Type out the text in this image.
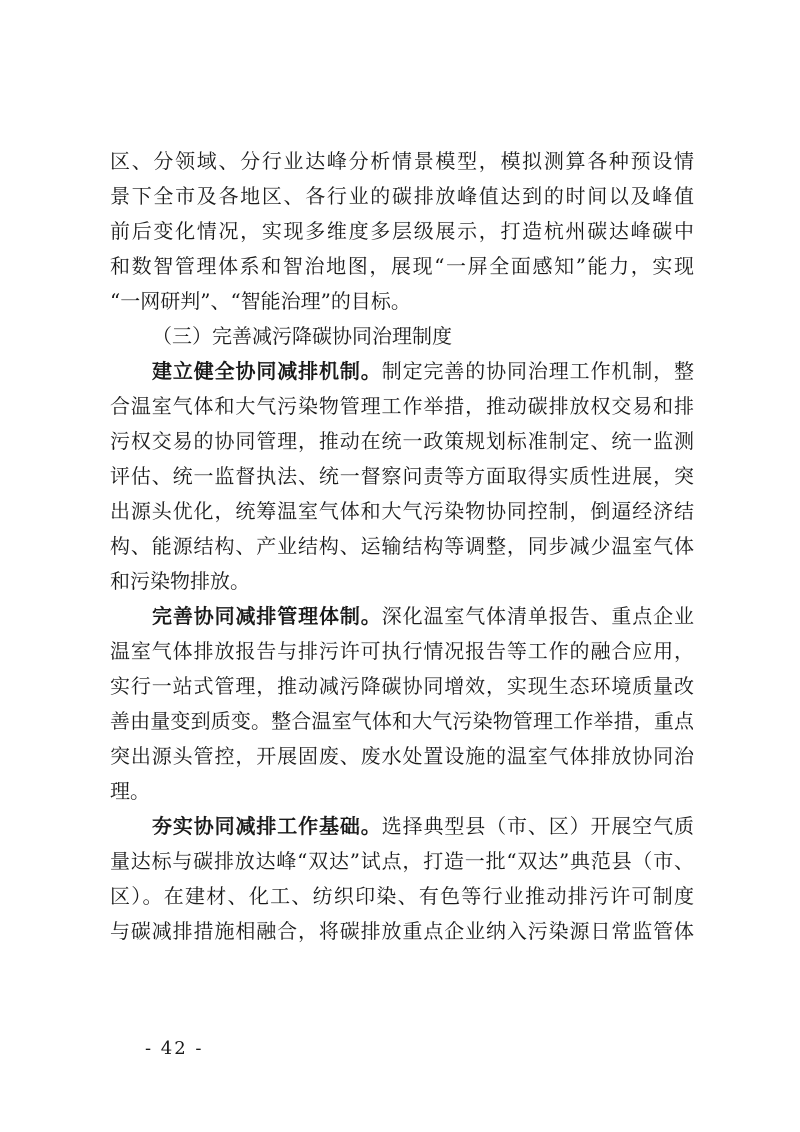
区、分领域、分行业达峰分析情景模型，模拟测算各种预设情
景下全市及各地区、各行业的碳排放峰值达到的时间以及峰值
前后变化情况，实现多维度多层级展示，打造杭州碳达峰碳中
和数智管理体系和智治地图，展现“一屏全面感知”能力，实现
“一网研判”、“智能治理”的目标。
（三）完善减污降碳协同治理制度
建立健全协同减排机制。制定完善的协同治理工作机制，整
合温室气体和大气污染物管理工作举措，推动碳排放权交易和排
污权交易的协同管理，推动在统一政策规划标准制定、统一监测
评估、统一监督执法、统一督察问责等方面取得实质性进展，突
出源头优化，统筹温室气体和大气污染物协同控制，倒逼经济结
构、能源结构、产业结构、运输结构等调整，同步减少温室气体
和污染物排放。
完善协同减排管理体制。深化温室气体清单报告、重点企业
温室气体排放报告与排污许可执行情况报告等工作的融合应用，
实行一站式管理，推动减污降碳协同增效，实现生态环境质量改
善由量变到质变。整合温室气体和大气污染物管理工作举措，重点
突出源头管控，开展固废、废水处置设施的温室气体排放协同治
理。
夯实协同减排工作基础。选择典型县（市、区）开展空气质
量达标与碳排放达峰“双达”试点，打造一批“双达”典范县（市、
区）。在建材、化工、纺织印染、有色等行业推动排污许可制度
与碳减排措施相融合，将碳排放重点企业纳入污染源日常监管体
- 42 -
